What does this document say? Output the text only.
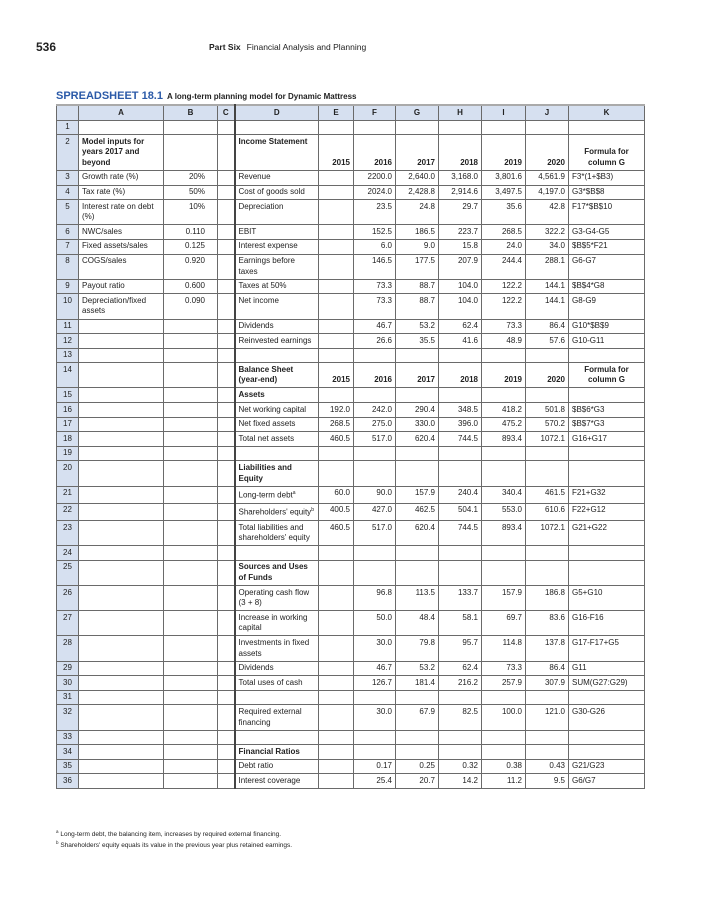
536	Part Six Financial Analysis and Planning
SPREADSHEET 18.1 A long-term planning model for Dynamic Mattress
	A	B	C	D	E	F	G	H	I	J	K
1											
2	Model inputs for years 2017 and beyond			Income Statement	2015	2016	2017	2018	2019	2020	Formula for column G
3	Growth rate (%)	20%		Revenue		2200.0	2,640.0	3,168.0	3,801.6	4,561.9	F3*(1+$B3)
4	Tax rate (%)	50%		Cost of goods sold		2024.0	2,428.8	2,914.6	3,497.5	4,197.0	G3*$B$8
5	Interest rate on debt (%)	10%		Depreciation		23.5	24.8	29.7	35.6	42.8	F17*$B$10
6	NWC/sales	0.110		EBIT		152.5	186.5	223.7	268.5	322.2	G3-G4-G5
7	Fixed assets/sales	0.125		Interest expense		6.0	9.0	15.8	24.0	34.0	$B$5*F21
8	COGS/sales	0.920		Earnings before taxes		146.5	177.5	207.9	244.4	288.1	G6-G7
9	Payout ratio	0.600		Taxes at 50%		73.3	88.7	104.0	122.2	144.1	$B$4*G8
10	Depreciation/fixed assets	0.090		Net income		73.3	88.7	104.0	122.2	144.1	G8-G9
11				Dividends		46.7	53.2	62.4	73.3	86.4	G10*$B$9
12				Reinvested earnings		26.6	35.5	41.6	48.9	57.6	G10-G11
13											
14				Balance Sheet (year-end)	2015	2016	2017	2018	2019	2020	Formula for column G
15				Assets							
16				Net working capital	192.0	242.0	290.4	348.5	418.2	501.8	$B$6*G3
17				Net fixed assets	268.5	275.0	330.0	396.0	475.2	570.2	$B$7*G3
18				Total net assets	460.5	517.0	620.4	744.5	893.4	1072.1	G16+G17
19											
20				Liabilities and Equity							
21				Long-term debt$^a$	60.0	90.0	157.9	240.4	340.4	461.5	F21+G32
22				Shareholders' equity$^b$	400.5	427.0	462.5	504.1	553.0	610.6	F22+G12
23				Total liabilities and shareholders' equity	460.5	517.0	620.4	744.5	893.4	1072.1	G21+G22
24											
25				Sources and Uses of Funds							
26				Operating cash flow (3 + 8)		96.8	113.5	133.7	157.9	186.8	G5+G10
27				Increase in working capital		50.0	48.4	58.1	69.7	83.6	G16-F16
28				Investments in fixed assets		30.0	79.8	95.7	114.8	137.8	G17-F17+G5
29				Dividends		46.7	53.2	62.4	73.3	86.4	G11
30				Total uses of cash		126.7	181.4	216.2	257.9	307.9	SUM(G27:G29)
31											
32				Required external financing		30.0	67.9	82.5	100.0	121.0	G30-G26
33											
34				Financial Ratios							
35				Debt ratio		0.17	0.25	0.32	0.38	0.43	G21/G23
36				Interest coverage		25.4	20.7	14.2	11.2	9.5	G6/G7
$^a$ Long-term debt, the balancing item, increases by required external financing.
$^b$ Shareholders' equity equals its value in the previous year plus retained earnings.
